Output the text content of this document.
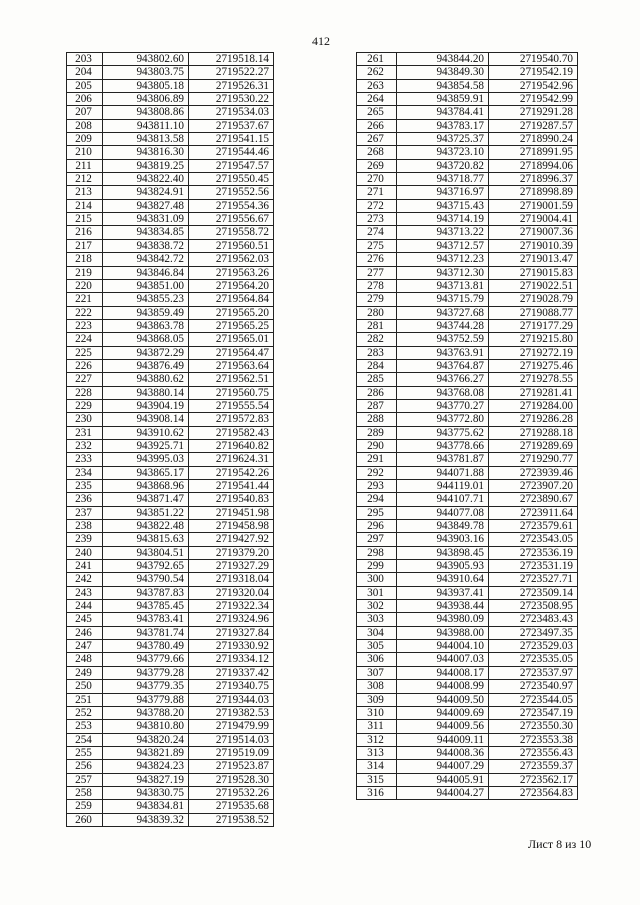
412
203	943802.60	2719518.14
204	943803.75	2719522.27
205	943805.18	2719526.31
206	943806.89	2719530.22
207	943808.86	2719534.03
208	943811.10	2719537.67
209	943813.58	2719541.15
210	943816.30	2719544.46
211	943819.25	2719547.57
212	943822.40	2719550.45
213	943824.91	2719552.56
214	943827.48	2719554.36
215	943831.09	2719556.67
216	943834.85	2719558.72
217	943838.72	2719560.51
218	943842.72	2719562.03
219	943846.84	2719563.26
220	943851.00	2719564.20
221	943855.23	2719564.84
222	943859.49	2719565.20
223	943863.78	2719565.25
224	943868.05	2719565.01
225	943872.29	2719564.47
226	943876.49	2719563.64
227	943880.62	2719562.51
228	943880.14	2719560.75
229	943904.19	2719555.54
230	943908.14	2719572.83
231	943910.62	2719582.43
232	943925.71	2719640.82
233	943995.03	2719624.31
234	943865.17	2719542.26
235	943868.96	2719541.44
236	943871.47	2719540.83
237	943851.22	2719451.98
238	943822.48	2719458.98
239	943815.63	2719427.92
240	943804.51	2719379.20
241	943792.65	2719327.29
242	943790.54	2719318.04
243	943787.83	2719320.04
244	943785.45	2719322.34
245	943783.41	2719324.96
246	943781.74	2719327.84
247	943780.49	2719330.92
248	943779.66	2719334.12
249	943779.28	2719337.42
250	943779.35	2719340.75
251	943779.88	2719344.03
252	943788.20	2719382.53
253	943810.80	2719479.99
254	943820.24	2719514.03
255	943821.89	2719519.09
256	943824.23	2719523.87
257	943827.19	2719528.30
258	943830.75	2719532.26
259	943834.81	2719535.68
260	943839.32	2719538.52
261	943844.20	2719540.70
262	943849.30	2719542.19
263	943854.58	2719542.96
264	943859.91	2719542.99
265	943784.41	2719291.28
266	943783.17	2719287.57
267	943725.37	2718990.24
268	943723.10	2718991.95
269	943720.82	2718994.06
270	943718.77	2718996.37
271	943716.97	2718998.89
272	943715.43	2719001.59
273	943714.19	2719004.41
274	943713.22	2719007.36
275	943712.57	2719010.39
276	943712.23	2719013.47
277	943712.30	2719015.83
278	943713.81	2719022.51
279	943715.79	2719028.79
280	943727.68	2719088.77
281	943744.28	2719177.29
282	943752.59	2719215.80
283	943763.91	2719272.19
284	943764.87	2719275.46
285	943766.27	2719278.55
286	943768.08	2719281.41
287	943770.27	2719284.00
288	943772.80	2719286.28
289	943775.62	2719288.18
290	943778.66	2719289.69
291	943781.87	2719290.77
292	944071.88	2723939.46
293	944119.01	2723907.20
294	944107.71	2723890.67
295	944077.08	2723911.64
296	943849.78	2723579.61
297	943903.16	2723543.05
298	943898.45	2723536.19
299	943905.93	2723531.19
300	943910.64	2723527.71
301	943937.41	2723509.14
302	943938.44	2723508.95
303	943980.09	2723483.43
304	943988.00	2723497.35
305	944004.10	2723529.03
306	944007.03	2723535.05
307	944008.17	2723537.97
308	944008.99	2723540.97
309	944009.50	2723544.05
310	944009.69	2723547.19
311	944009.56	2723550.30
312	944009.11	2723553.38
313	944008.36	2723556.43
314	944007.29	2723559.37
315	944005.91	2723562.17
316	944004.27	2723564.83
Лист 8 из 10
